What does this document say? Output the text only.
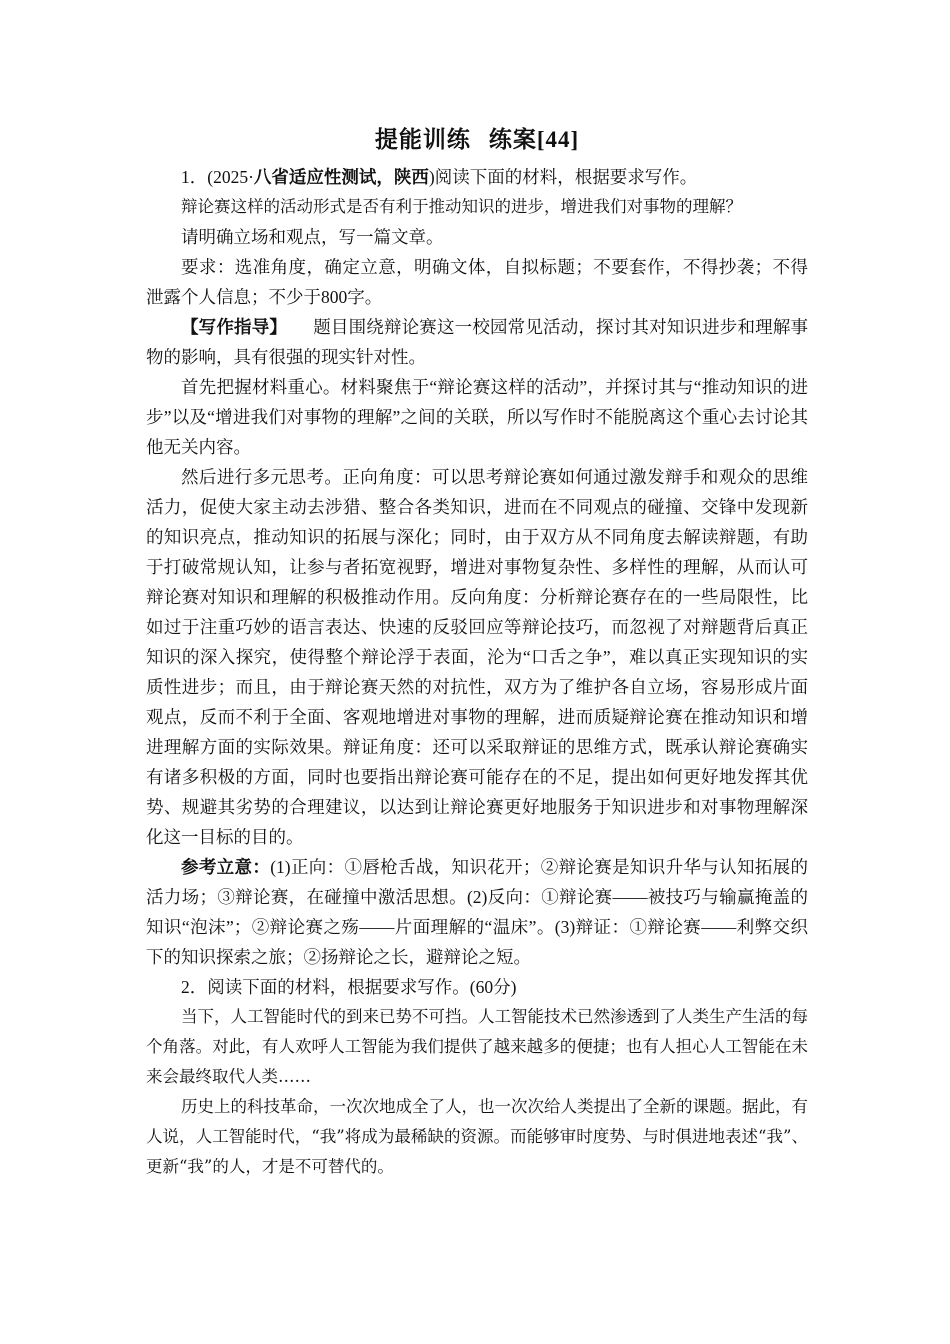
提能训练 练案[44]

1．(2025·八省适应性测试，陕西)阅读下面的材料，根据要求写作。

辩论赛这样的活动形式是否有利于推动知识的进步，增进我们对事物的理解？

请明确立场和观点，写一篇文章。

要求：选准角度，确定立意，明确文体，自拟标题；不要套作，不得抄袭；不得泄露个人信息；不少于800字。

【写作指导】 题目围绕辩论赛这一校园常见活动，探讨其对知识进步和理解事物的影响，具有很强的现实针对性。

首先把握材料重心。材料聚焦于“辩论赛这样的活动”，并探讨其与“推动知识的进步”以及“增进我们对事物的理解”之间的关联，所以写作时不能脱离这个重心去讨论其他无关内容。

然后进行多元思考。正向角度：可以思考辩论赛如何通过激发辩手和观众的思维活力，促使大家主动去涉猎、整合各类知识，进而在不同观点的碰撞、交锋中发现新的知识亮点，推动知识的拓展与深化；同时，由于双方从不同角度去解读辩题，有助于打破常规认知，让参与者拓宽视野，增进对事物复杂性、多样性的理解，从而认可辩论赛对知识和理解的积极推动作用。反向角度：分析辩论赛存在的一些局限性，比如过于注重巧妙的语言表达、快速的反驳回应等辩论技巧，而忽视了对辩题背后真正知识的深入探究，使得整个辩论浮于表面，沦为“口舌之争”，难以真正实现知识的实质性进步；而且，由于辩论赛天然的对抗性，双方为了维护各自立场，容易形成片面观点，反而不利于全面、客观地增进对事物的理解，进而质疑辩论赛在推动知识和增进理解方面的实际效果。辩证角度：还可以采取辩证的思维方式，既承认辩论赛确实有诸多积极的方面，同时也要指出辩论赛可能存在的不足，提出如何更好地发挥其优势、规避其劣势的合理建议，以达到让辩论赛更好地服务于知识进步和对事物理解深化这一目标的目的。

参考立意：(1)正向：①唇枪舌战，知识花开；②辩论赛是知识升华与认知拓展的活力场；③辩论赛，在碰撞中激活思想。(2)反向：①辩论赛——被技巧与输赢掩盖的知识“泡沫”；②辩论赛之殇——片面理解的“温床”。(3)辩证：①辩论赛——利弊交织下的知识探索之旅；②扬辩论之长，避辩论之短。

2．阅读下面的材料，根据要求写作。(60分)

当下，人工智能时代的到来已势不可挡。人工智能技术已然渗透到了人类生产生活的每个角落。对此，有人欢呼人工智能为我们提供了越来越多的便捷；也有人担心人工智能在未来会最终取代人类……

历史上的科技革命，一次次地成全了人，也一次次给人类提出了全新的课题。据此，有人说，人工智能时代，“我”将成为最稀缺的资源。而能够审时度势、与时俱进地表述“我”、更新“我”的人，才是不可替代的。
